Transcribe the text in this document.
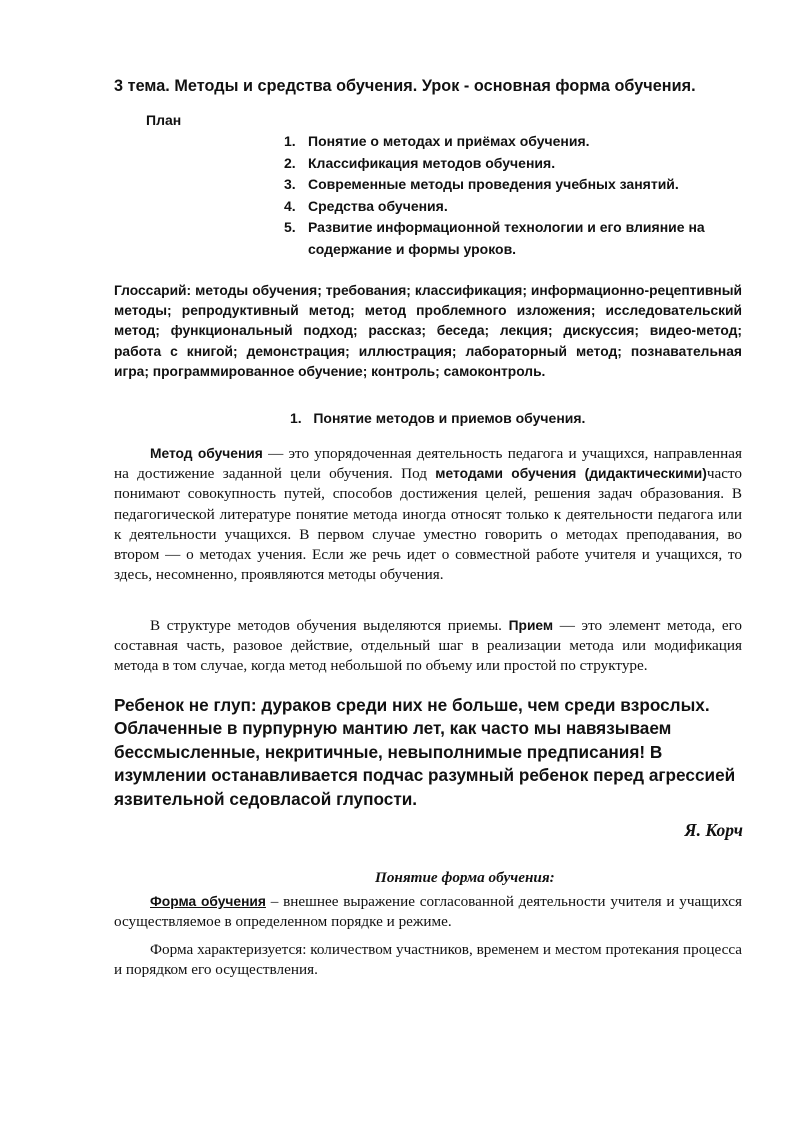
3 тема. Методы и средства обучения. Урок - основная форма обучения.
План
1. Понятие о методах и приёмах обучения.
2. Классификация методов обучения.
3. Современные методы проведения учебных занятий.
4. Средства обучения.
5. Развитие информационной технологии и его влияние на содержание и формы уроков.
Глоссарий: методы обучения; требования; классификация; информационно-рецептивный методы; репродуктивный метод; метод проблемного изложения; исследовательский метод; функциональный подход; рассказ; беседа; лекция; дискуссия; видео-метод; работа с книгой; демонстрация; иллюстрация; лабораторный метод; познавательная игра; программированное обучение; контроль; самоконтроль.
1. Понятие методов и приемов обучения.
Метод обучения — это упорядоченная деятельность педагога и учащихся, направленная на достижение заданной цели обучения. Под методами обучения (дидактическими)часто понимают совокупность путей, способов достижения целей, решения задач образования. В педагогической литературе понятие метода иногда относят только к деятельности педагога или к деятельности учащихся. В первом случае уместно говорить о методах преподавания, во втором — о методах учения. Если же речь идет о совместной работе учителя и учащихся, то здесь, несомненно, проявляются методы обучения.
В структуре методов обучения выделяются приемы. Прием — это элемент метода, его составная часть, разовое действие, отдельный шаг в реализации метода или модификация метода в том случае, когда метод небольшой по объему или простой по структуре.
Ребенок не глуп: дураков среди них не больше, чем среди взрослых. Облаченные в пурпурную мантию лет, как часто мы навязываем бессмысленные, некритичные, невыполнимые предписания! В изумлении останавливается подчас разумный ребенок перед агрессией язвительной седовласой глупости.
Я. Корч
Понятие форма обучения:
Форма обучения – внешнее выражение согласованной деятельности учителя и учащихся осуществляемое в определенном порядке и режиме.
Форма характеризуется: количеством участников, временем и местом протекания процесса и порядком его осуществления.
